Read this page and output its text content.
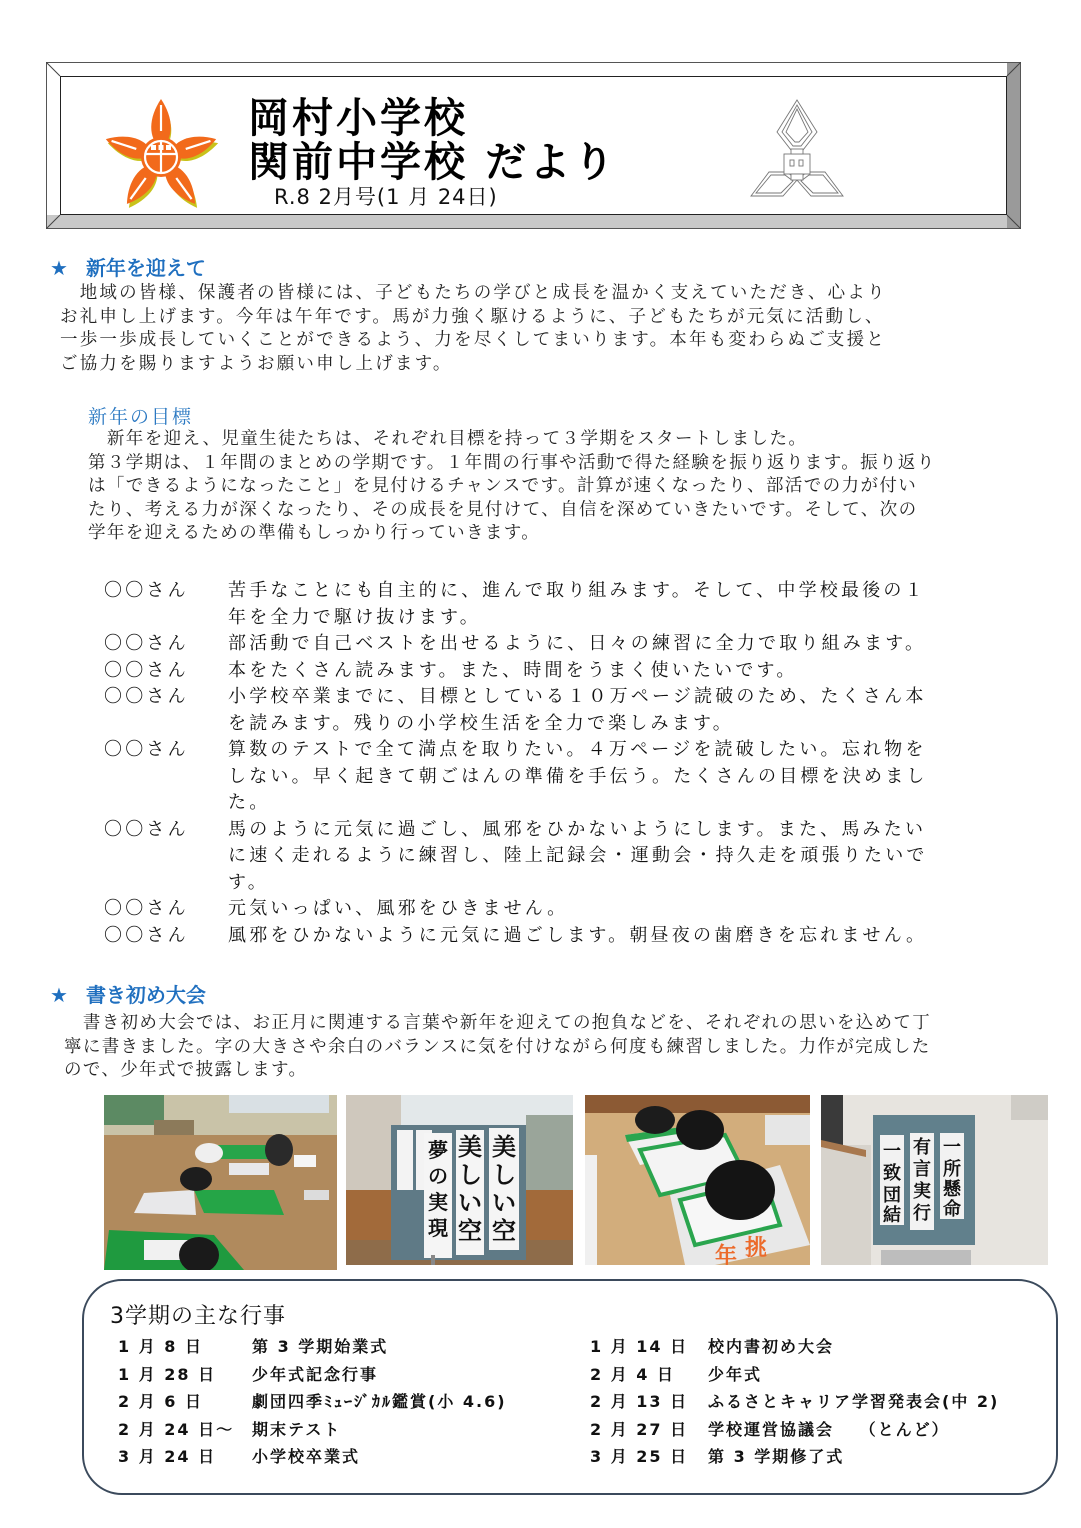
岡村小学校
関前中学校 だより
R.8 2月号(1 月 24日)
★ 新年を迎えて

　地域の皆様、保護者の皆様には、子どもたちの学びと成長を温かく支えていただき、心より

お礼申し上げます。今年は午年です。馬が力強く駆けるように、子どもたちが元気に活動し、

一歩一歩成長していくことができるよう、力を尽くしてまいります。本年も変わらぬご支援と

ご協力を賜りますようお願い申し上げます。

新年の目標

　新年を迎え、児童生徒たちは、それぞれ目標を持って３学期をスタートしました。

第３学期は、１年間のまとめの学期です。１年間の行事や活動で得た経験を振り返ります。振り返り

は「できるようになったこと」を見付けるチャンスです。計算が速くなったり、部活での力が付い

たり、考える力が深くなったり、その成長を見付けて、自信を深めていきたいです。そして、次の

学年を迎えるための準備もしっかり行っていきます。

〇〇さん	苦手なことにも自主的に、進んで取り組みます。そして、中学校最後の１
年を全力で駆け抜けます。
〇〇さん	部活動で自己ベストを出せるように、日々の練習に全力で取り組みます。
〇〇さん	本をたくさん読みます。また、時間をうまく使いたいです。
〇〇さん	小学校卒業までに、目標としている１０万ページ読破のため、たくさん本
を読みます。残りの小学校生活を全力で楽しみます。
〇〇さん	算数のテストで全て満点を取りたい。４万ページを読破したい。忘れ物を
しない。早く起きて朝ごはんの準備を手伝う。たくさんの目標を決めまし
た。
〇〇さん	馬のように元気に過ごし、風邪をひかないようにします。また、馬みたい
に速く走れるように練習し、陸上記録会・運動会・持久走を頑張りたいで
す。
〇〇さん	元気いっぱい、風邪をひきません。
〇〇さん	風邪をひかないように元気に過ごします。朝昼夜の歯磨きを忘れません。
★ 書き初め大会

　書き初め大会では、お正月に関連する言葉や新年を迎えての抱負などを、それぞれの思いを込めて丁

寧に書きました。字の大きさや余白のバランスに気を付けながら何度も練習しました。力作が完成した

ので、少年式で披露します。

美
し
い
空
美
し
い
空
夢
の
実
現
年 挑
一
所
懸
命
有
言
実
行
一
致
団
結
3学期の主な行事
1 月 8 日	第 3 学期始業式
1 月 28 日	少年式記念行事
2 月 6 日	劇団四季ﾐｭｰｼﾞｶﾙ鑑賞(小 4.6)
2 月 24 日～	期末テスト
3 月 24 日	小学校卒業式
1 月 14 日	校内書初め大会
2 月 4 日	少年式
2 月 13 日	ふるさとキャリア学習発表会(中 2)
2 月 27 日	学校運営協議会　 （とんど）
3 月 25 日	第 3 学期修了式
